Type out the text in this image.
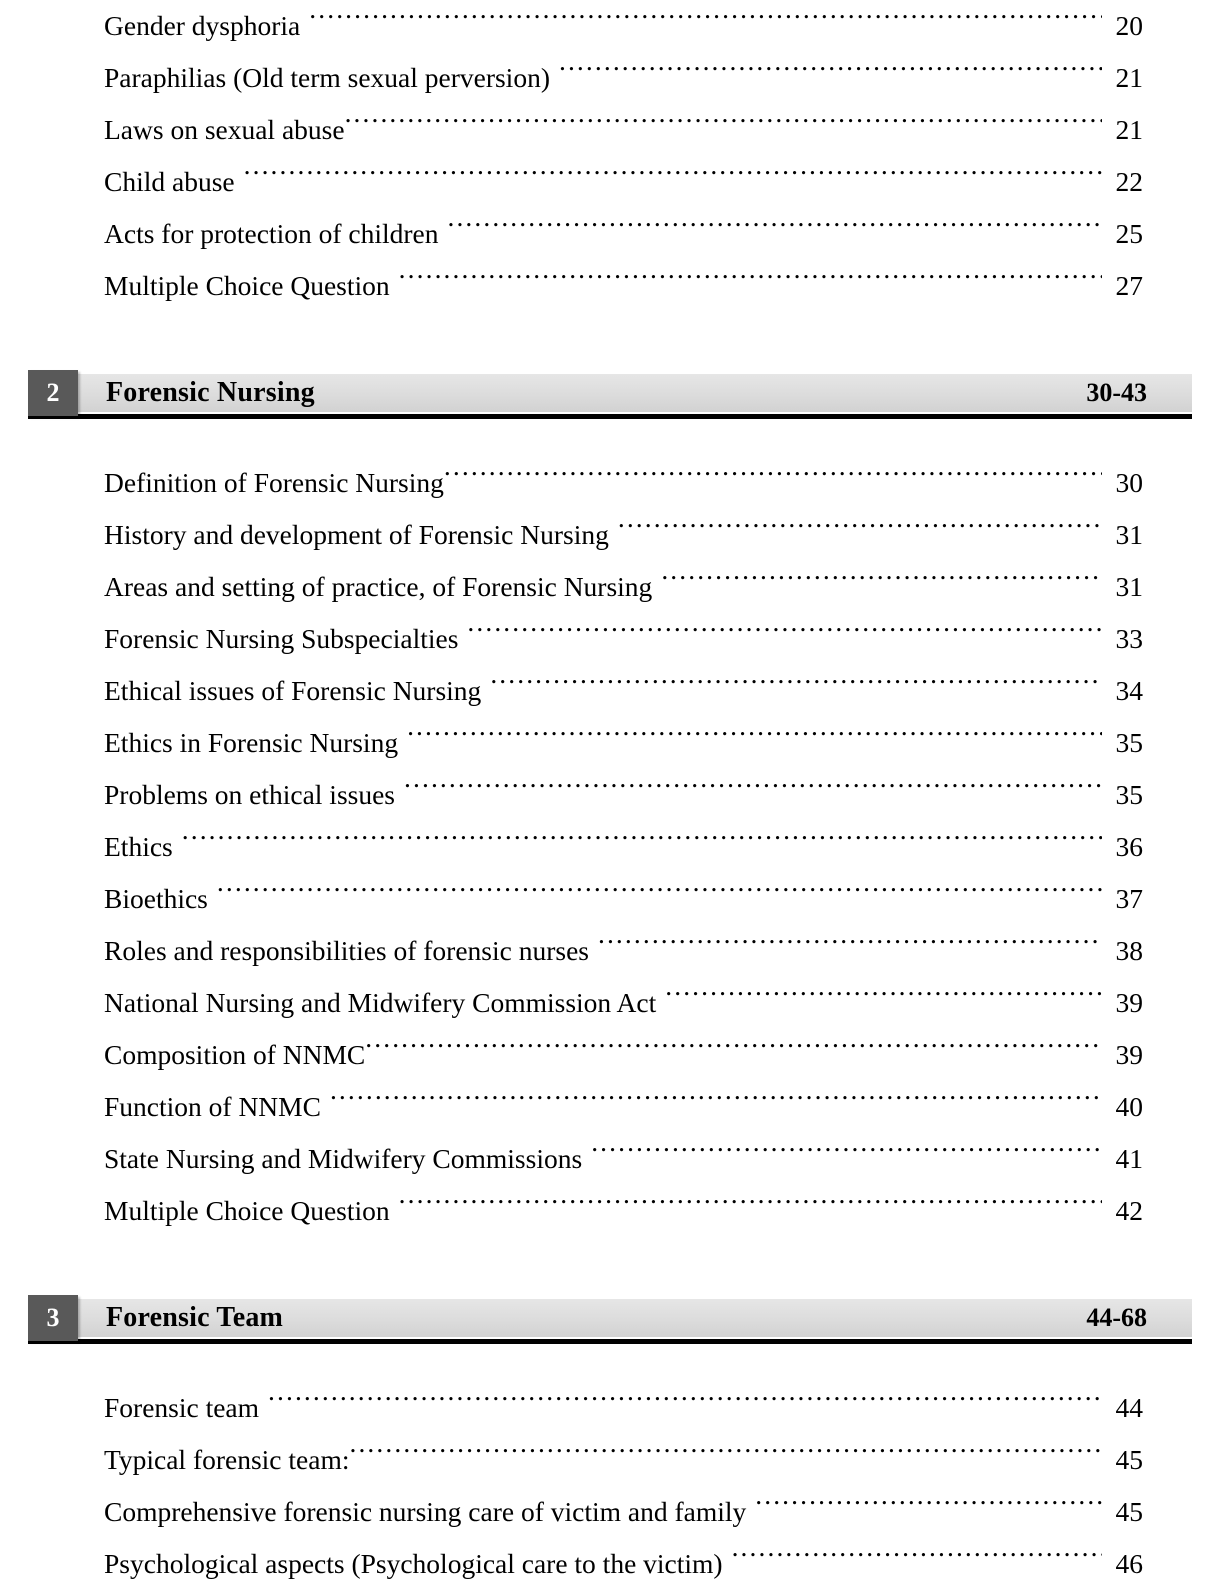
Gender dysphoria .....	20
Paraphilias (Old term sexual perversion) .....	21
Laws on sexual abuse .....	21
Child abuse .....	22
Acts for protection of children .....	25
Multiple Choice Question .....	27
2	Forensic Nursing	30-43
Definition of Forensic Nursing .....	30
History and development of Forensic Nursing .....	31
Areas and setting of practice, of Forensic Nursing .....	31
Forensic Nursing Subspecialties .....	33
Ethical issues of Forensic Nursing .....	34
Ethics in Forensic Nursing .....	35
Problems on ethical issues .....	35
Ethics .....	36
Bioethics .....	37
Roles and responsibilities of forensic nurses .....	38
National Nursing and Midwifery Commission Act .....	39
Composition of NNMC .....	39
Function of NNMC .....	40
State Nursing and Midwifery Commissions .....	41
Multiple Choice Question .....	42
3	Forensic Team	44-68
Forensic team .....	44
Typical forensic team: .....	45
Comprehensive forensic nursing care of victim and family .....	45
Psychological aspects (Psychological care to the victim) .....	46
